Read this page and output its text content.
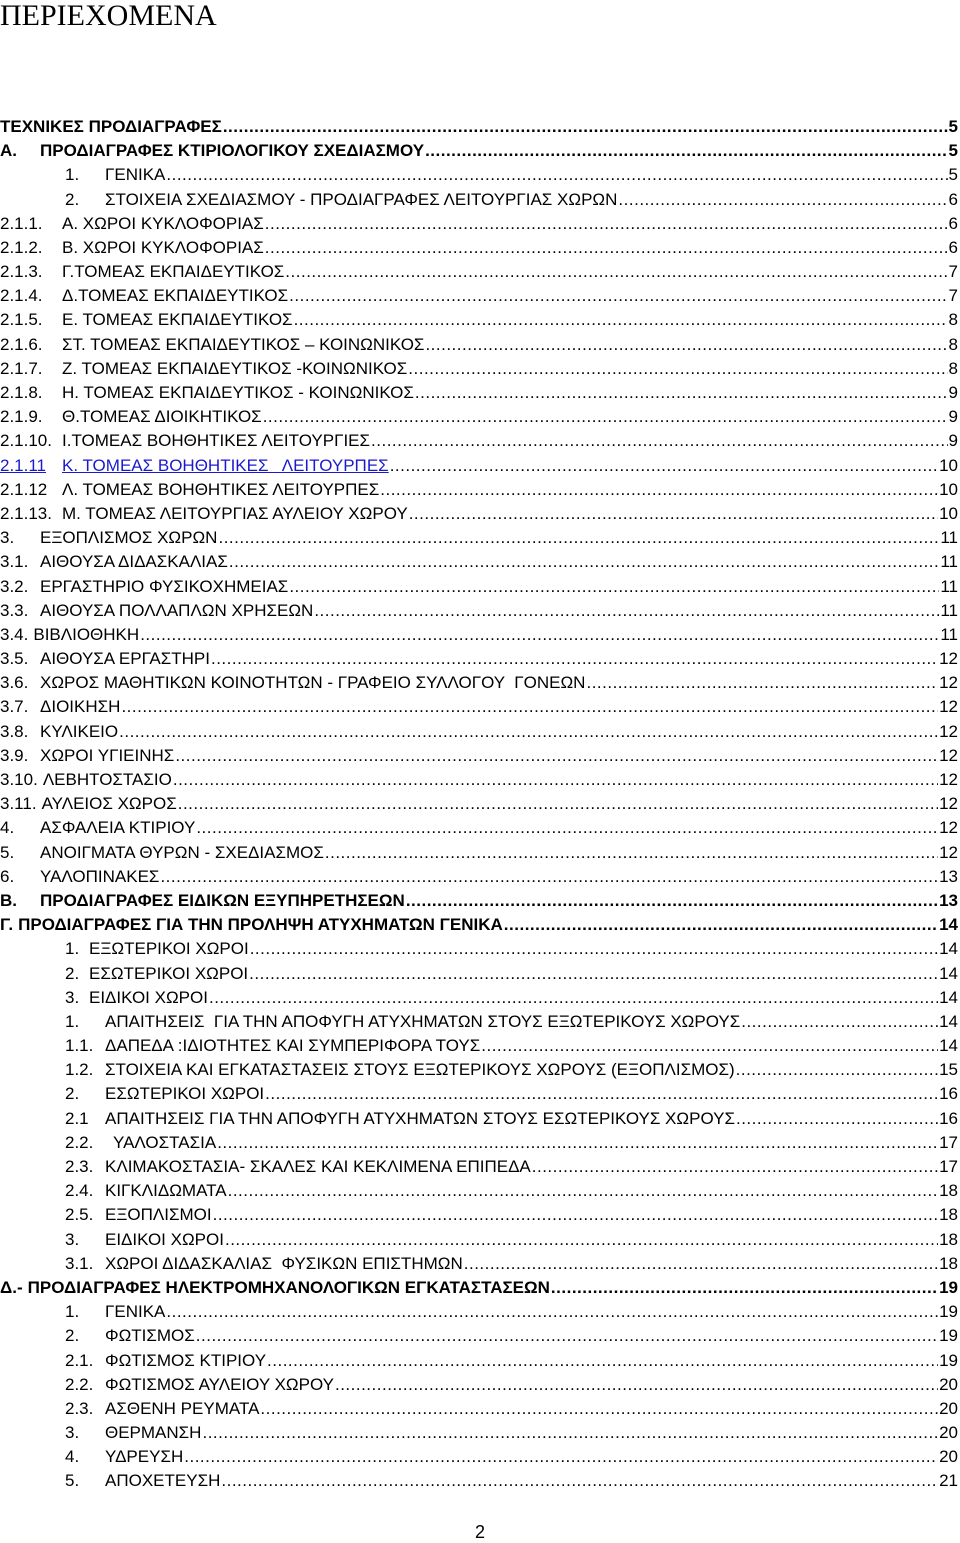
ΠΕΡΙΕΧΟΜΕΝΑ
ΤΕΧΝΙΚΕΣ ΠΡΟΔΙΑΓΡΑΦΕΣ .....	5
Α.	ΠΡΟΔΙΑΓΡΑΦΕΣ ΚΤΙΡΙΟΛΟΓΙΚΟΥ ΣΧΕΔΙΑΣΜΟΥ .....	5
1.	ΓΕΝΙΚΑ .....	5
2.	ΣΤΟΙΧΕΙΑ ΣΧΕΔΙΑΣΜΟΥ - ΠΡΟΔΙΑΓΡΑΦΕΣ ΛΕΙΤΟΥΡΓΙΑΣ ΧΩΡΩΝ .....	6
2.1.1.	Α. ΧΩΡΟΙ ΚΥΚΛΟΦΟΡΙΑΣ .....	6
2.1.2.	Β. ΧΩΡΟΙ ΚΥΚΛΟΦΟΡΙΑΣ .....	6
2.1.3.	Γ.ΤΟΜΕΑΣ ΕΚΠΑΙΔΕΥΤΙΚΟΣ .....	7
2.1.4.	Δ.ΤΟΜΕΑΣ ΕΚΠΑΙΔΕΥΤΙΚΟΣ .....	7
2.1.5.	Ε. ΤΟΜΕΑΣ ΕΚΠΑΙΔΕΥΤΙΚΟΣ .....	8
2.1.6.	ΣΤ. ΤΟΜΕΑΣ ΕΚΠΑΙΔΕΥΤΙΚΟΣ – ΚΟΙΝΩΝΙΚΟΣ .....	8
2.1.7.	Ζ. ΤΟΜΕΑΣ ΕΚΠΑΙΔΕΥΤΙΚΟΣ -ΚΟΙΝΩΝΙΚΟΣ .....	8
2.1.8.	Η. ΤΟΜΕΑΣ ΕΚΠΑΙΔΕΥΤΙΚΟΣ - ΚΟΙΝΩΝΙΚΟΣ .....	9
2.1.9.	Θ.ΤΟΜΕΑΣ ΔΙΟΙΚΗΤΙΚΟΣ .....	9
2.1.10. Ι.ΤΟΜΕΑΣ ΒΟΗΘΗΤΙΚΕΣ ΛΕΙΤΟΥΡΓΙΕΣ .....	9
2.1.11 Κ. ΤΟΜΕΑΣ ΒΟΗΘΗΤΙΚΕΣ   ΛΕΙΤΟΥΡΠΕΣ .....	10
2.1.12 Λ. ΤΟΜΕΑΣ ΒΟΗΘΗΤΙΚΕΣ ΛΕΙΤΟΥΡΠΕΣ .....	10
2.1.13. Μ. ΤΟΜΕΑΣ ΛΕΙΤΟΥΡΓΙΑΣ ΑΥΛΕΙΟΥ ΧΩΡΟΥ .....	10
3.	ΕΞΟΠΛΙΣΜΟΣ ΧΩΡΩΝ .....	11
3.1. ΑΙΘΟΥΣΑ ΔΙΔΑΣΚΑΛΙΑΣ .....	11
3.2. ΕΡΓΑΣΤΗΡΙΟ ΦΥΣΙΚΟΧΗΜΕΙΑΣ .....	11
3.3. ΑΙΘΟΥΣΑ ΠΟΛΛΑΠΛΩΝ ΧΡΗΣΕΩΝ .....	11
3.4. ΒΙΒΛΙΟΘΗΚΗ .....	11
3.5. ΑΙΘΟΥΣΑ ΕΡΓΑΣΤΗΡΙ .....	12
3.6. ΧΩΡΟΣ ΜΑΘΗΤΙΚΩΝ ΚΟΙΝΟΤΗΤΩΝ - ΓΡΑΦΕΙΟ ΣΥΛΛΟΓΟΥ  ΓΟΝΕΩΝ .....	12
3.7. ΔΙΟΙΚΗΣΗ .....	12
3.8. ΚΥΛΙΚΕΙΟ .....	12
3.9. ΧΩΡΟΙ ΥΓΙΕΙΝΗΣ .....	12
3.10. ΛΕΒΗΤΟΣΤΑΣΙΟ .....	12
3.11. ΑΥΛΕΙΟΣ ΧΩΡΟΣ .....	12
4.	ΑΣΦΑΛΕΙΑ ΚΤΙΡΙΟΥ .....	12
5.	ΑΝΟΙΓΜΑΤΑ ΘΥΡΩΝ - ΣΧΕΔΙΑΣΜΟΣ .....	12
6.	ΥΑΛΟΠΙΝΑΚΕΣ .....	13
Β.	ΠΡΟΔΙΑΓΡΑΦΕΣ ΕΙΔΙΚΩΝ ΕΞΥΠΗΡΕΤΗΣΕΩΝ .....	13
Γ. ΠΡΟΔΙΑΓΡΑΦΕΣ ΓΙΑ ΤΗΝ ΠΡΟΛΗΨΗ ΑΤΥΧΗΜΑΤΩΝ ΓΕΝΙΚΑ .....	14
1. ΕΞΩΤΕΡΙΚΟΙ ΧΩΡΟΙ .....	14
2. ΕΣΩΤΕΡΙΚΟΙ ΧΩΡΟΙ .....	14
3. ΕΙΔΙΚΟΙ ΧΩΡΟΙ .....	14
1.	ΑΠΑΙΤΗΣΕΙΣ  ΓΙΑ ΤΗΝ ΑΠΟΦΥΓΗ ΑΤΥΧΗΜΑΤΩΝ ΣΤΟΥΣ ΕΞΩΤΕΡΙΚΟΥΣ ΧΩΡΟΥΣ .....	14
1.1. ΔΑΠΕΔΑ :ΙΔΙΟΤΗΤΕΣ ΚΑΙ ΣΥΜΠΕΡΙΦΟΡΑ ΤΟΥΣ .....	14
1.2. ΣΤΟΙΧΕΙΑ ΚΑΙ ΕΓΚΑΤΑΣΤΑΣΕΙΣ ΣΤΟΥΣ ΕΞΩΤΕΡΙΚΟΥΣ ΧΩΡΟΥΣ (ΕΞΟΠΛΙΣΜΟΣ) .....	15
2.	ΕΣΩΤΕΡΙΚΟΙ ΧΩΡΟΙ .....	16
2.1 ΑΠΑΙΤΗΣΕΙΣ ΓΙΑ ΤΗΝ ΑΠΟΦΥΓΗ ΑΤΥΧΗΜΑΤΩΝ ΣΤΟΥΣ ΕΣΩΤΕΡΙΚΟΥΣ ΧΩΡΟΥΣ .....	16
2.2.	ΥΑΛΟΣΤΑΣΙΑ .....	17
2.3. ΚΛΙΜΑΚΟΣΤΑΣΙΑ- ΣΚΑΛΕΣ ΚΑΙ ΚΕΚΛΙΜΕΝΑ ΕΠΙΠΕΔΑ .....	17
2.4. ΚΙΓΚΛΙΔΩΜΑΤΑ .....	18
2.5. ΕΞΟΠΛΙΣΜΟΙ .....	18
3.	ΕΙΔΙΚΟΙ ΧΩΡΟΙ .....	18
3.1. ΧΩΡΟΙ ΔΙΔΑΣΚΑΛΙΑΣ  ΦΥΣΙΚΩΝ ΕΠΙΣΤΗΜΩΝ .....	18
Δ.- ΠΡΟΔΙΑΓΡΑΦΕΣ ΗΛΕΚΤΡΟΜΗΧΑΝΟΛΟΓΙΚΩΝ ΕΓΚΑΤΑΣΤΑΣΕΩΝ .....	19
1.	ΓΕΝΙΚΑ .....	19
2.	ΦΩΤΙΣΜΟΣ .....	19
2.1. ΦΩΤΙΣΜΟΣ ΚΤΙΡΙΟΥ .....	19
2.2. ΦΩΤΙΣΜΟΣ ΑΥΛΕΙΟΥ ΧΩΡΟΥ .....	20
2.3. ΑΣΘΕΝΗ ΡΕΥΜΑΤΑ .....	20
3.	ΘΕΡΜΑΝΣΗ .....	20
4.	ΥΔΡΕΥΣΗ .....	20
5.	ΑΠΟΧΕΤΕΥΣΗ .....	21
2
